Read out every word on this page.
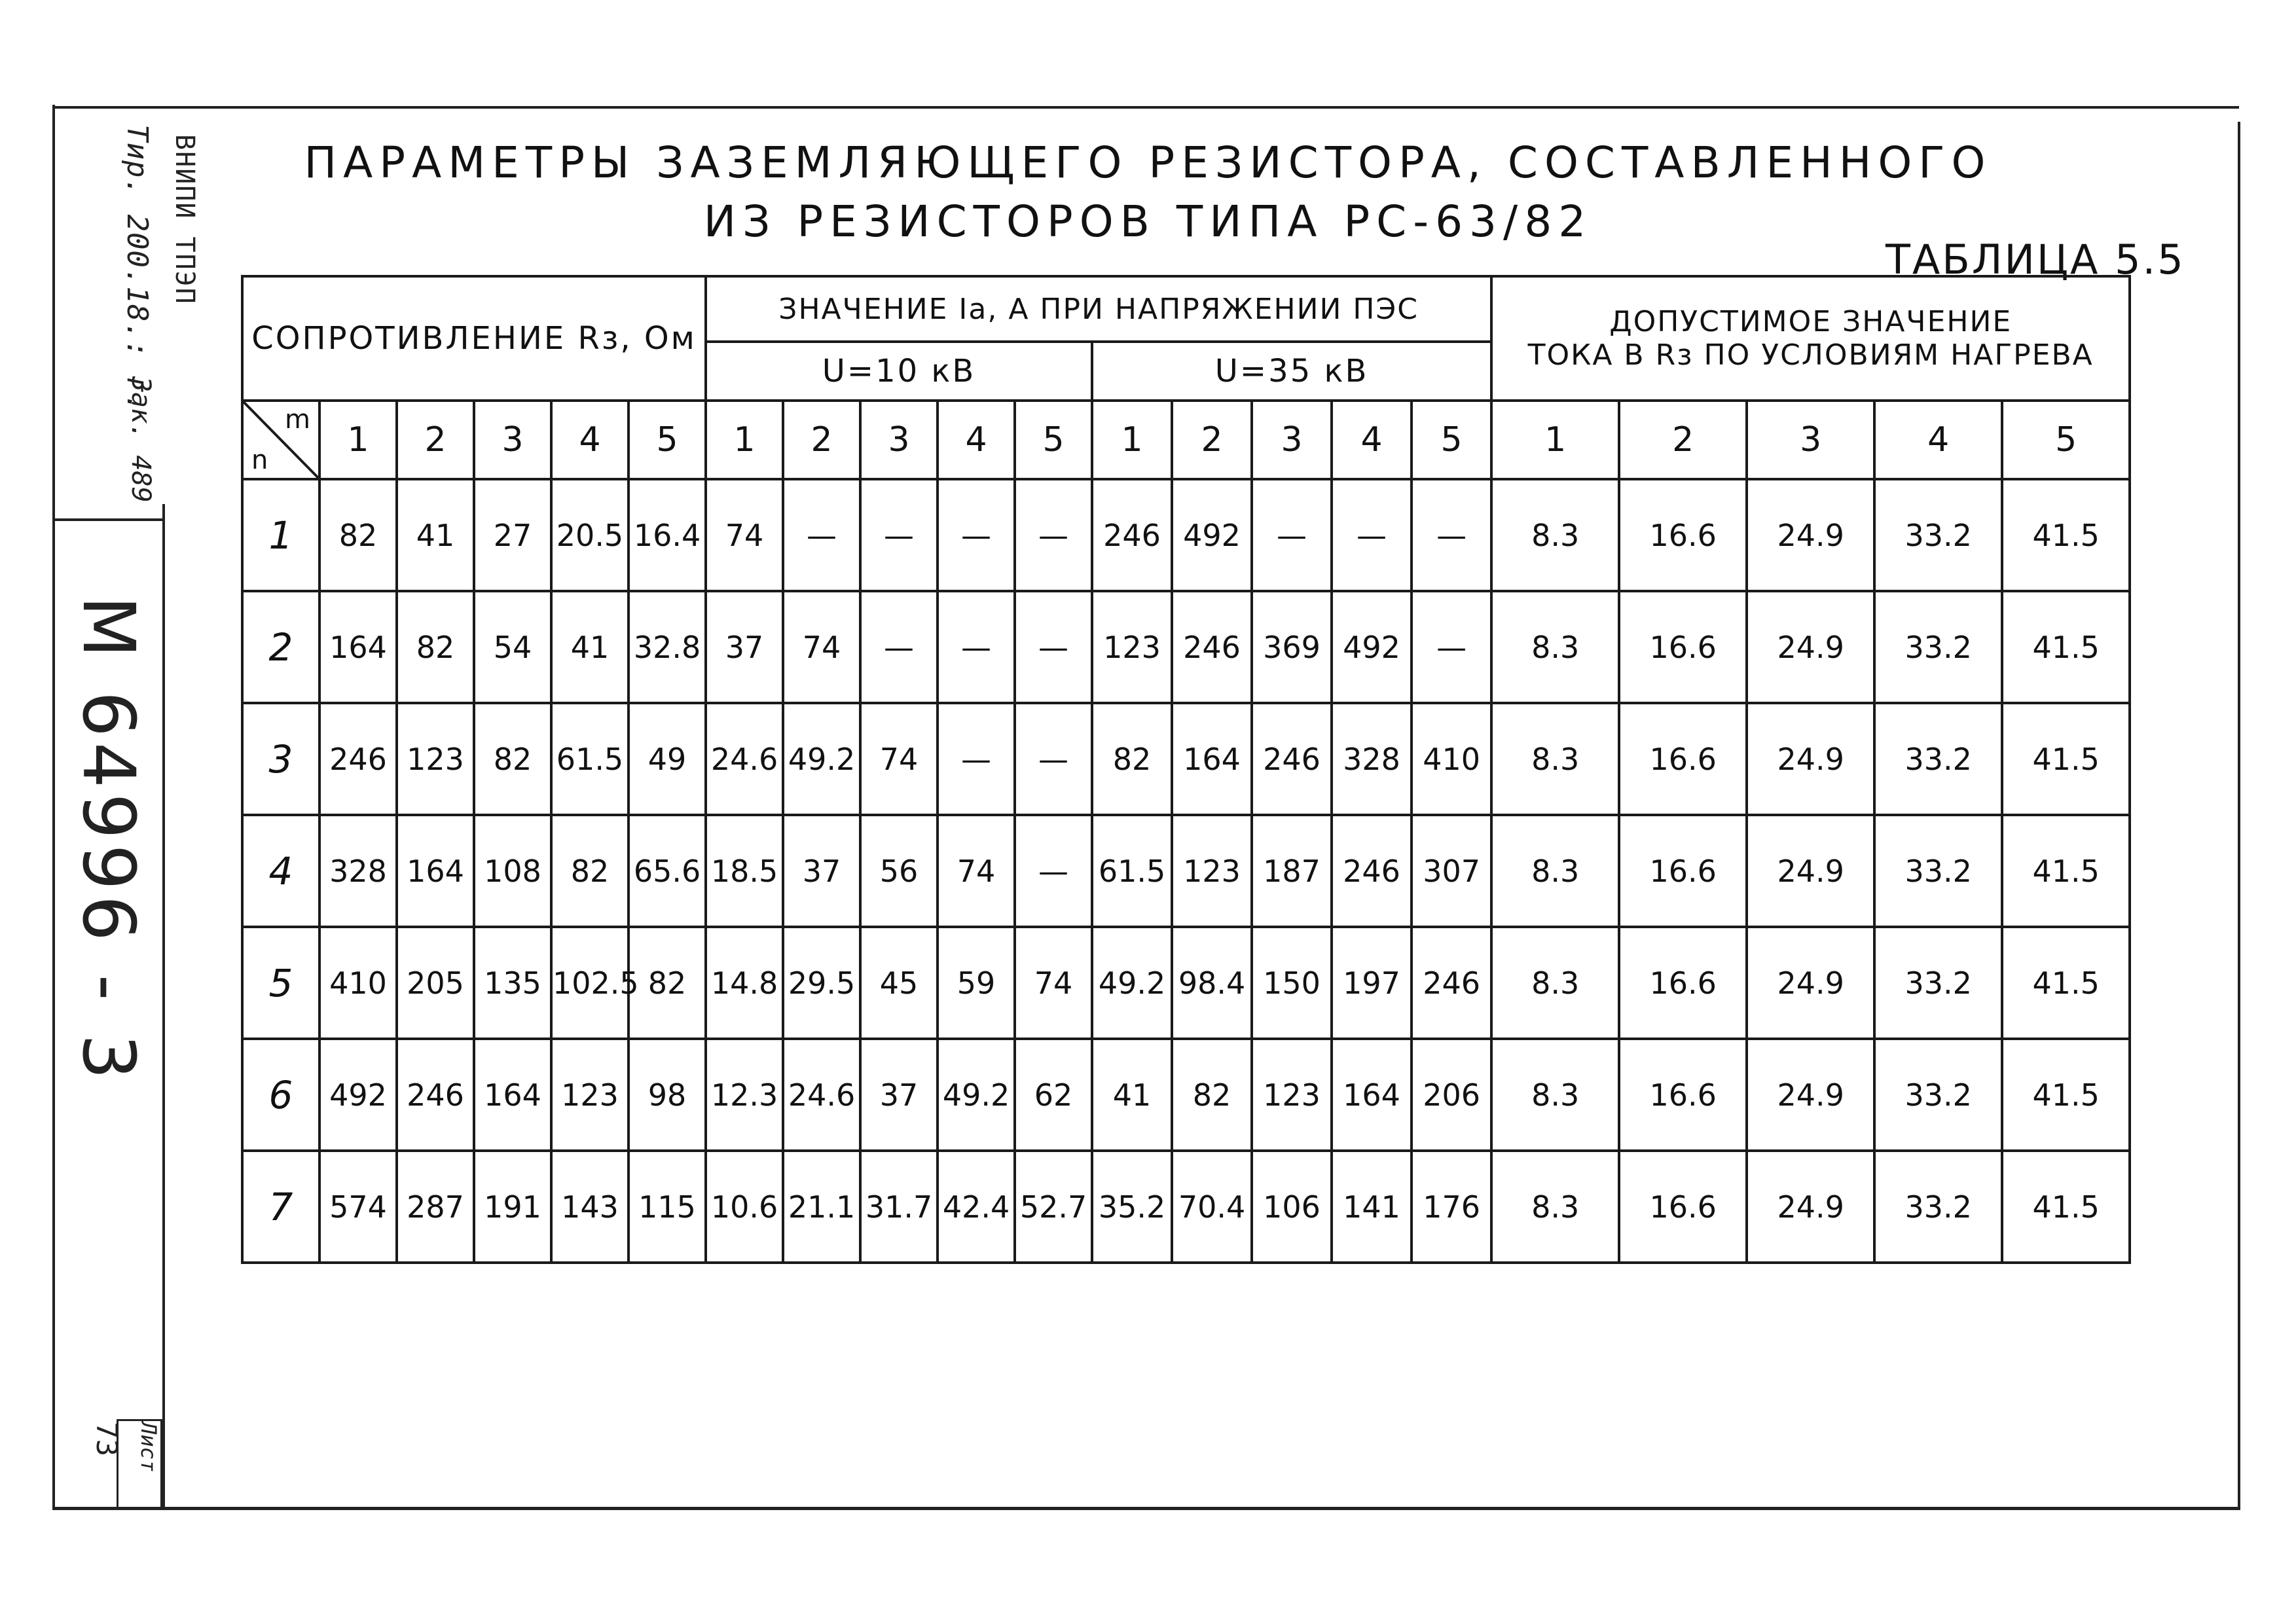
ВНИПИ ТПЭП
Тир. 200.18.: г.
Зак. 489
М 64996 - 3
Лист
73
ПАРАМЕТРЫ ЗАЗЕМЛЯЮЩЕГО РЕЗИСТОРА, СОСТАВЛЕННОГО
ИЗ РЕЗИСТОРОВ ТИПА РС-63/82
ТАБЛИЦА 5.5
СОПРОТИВЛЕНИЕ Rз, Ом						ЗНАЧЕНИЕ Iа, А ПРИ НАПРЯЖЕНИИ ПЭС										ДОПУСТИМОЕ ЗНАЧЕНИЕ
ТОКА В Rз ПО УСЛОВИЯМ НАГРЕВА				

						U=10 кВ					U=35 кВ									

m
n	1	2	3	4	5	1	2	3	4	5	1	2	3	4	5	1	2	3	4	5
1	82	41	27	20.5	16.4	74	—	—	—	—	246	492	—	—	—	8.3	16.6	24.9	33.2	41.5
2	164	82	54	41	32.8	37	74	—	—	—	123	246	369	492	—	8.3	16.6	24.9	33.2	41.5
3	246	123	82	61.5	49	24.6	49.2	74	—	—	82	164	246	328	410	8.3	16.6	24.9	33.2	41.5
4	328	164	108	82	65.6	18.5	37	56	74	—	61.5	123	187	246	307	8.3	16.6	24.9	33.2	41.5
5	410	205	135	102.5	82	14.8	29.5	45	59	74	49.2	98.4	150	197	246	8.3	16.6	24.9	33.2	41.5
6	492	246	164	123	98	12.3	24.6	37	49.2	62	41	82	123	164	206	8.3	16.6	24.9	33.2	41.5
7	574	287	191	143	115	10.6	21.1	31.7	42.4	52.7	35.2	70.4	106	141	176	8.3	16.6	24.9	33.2	41.5
